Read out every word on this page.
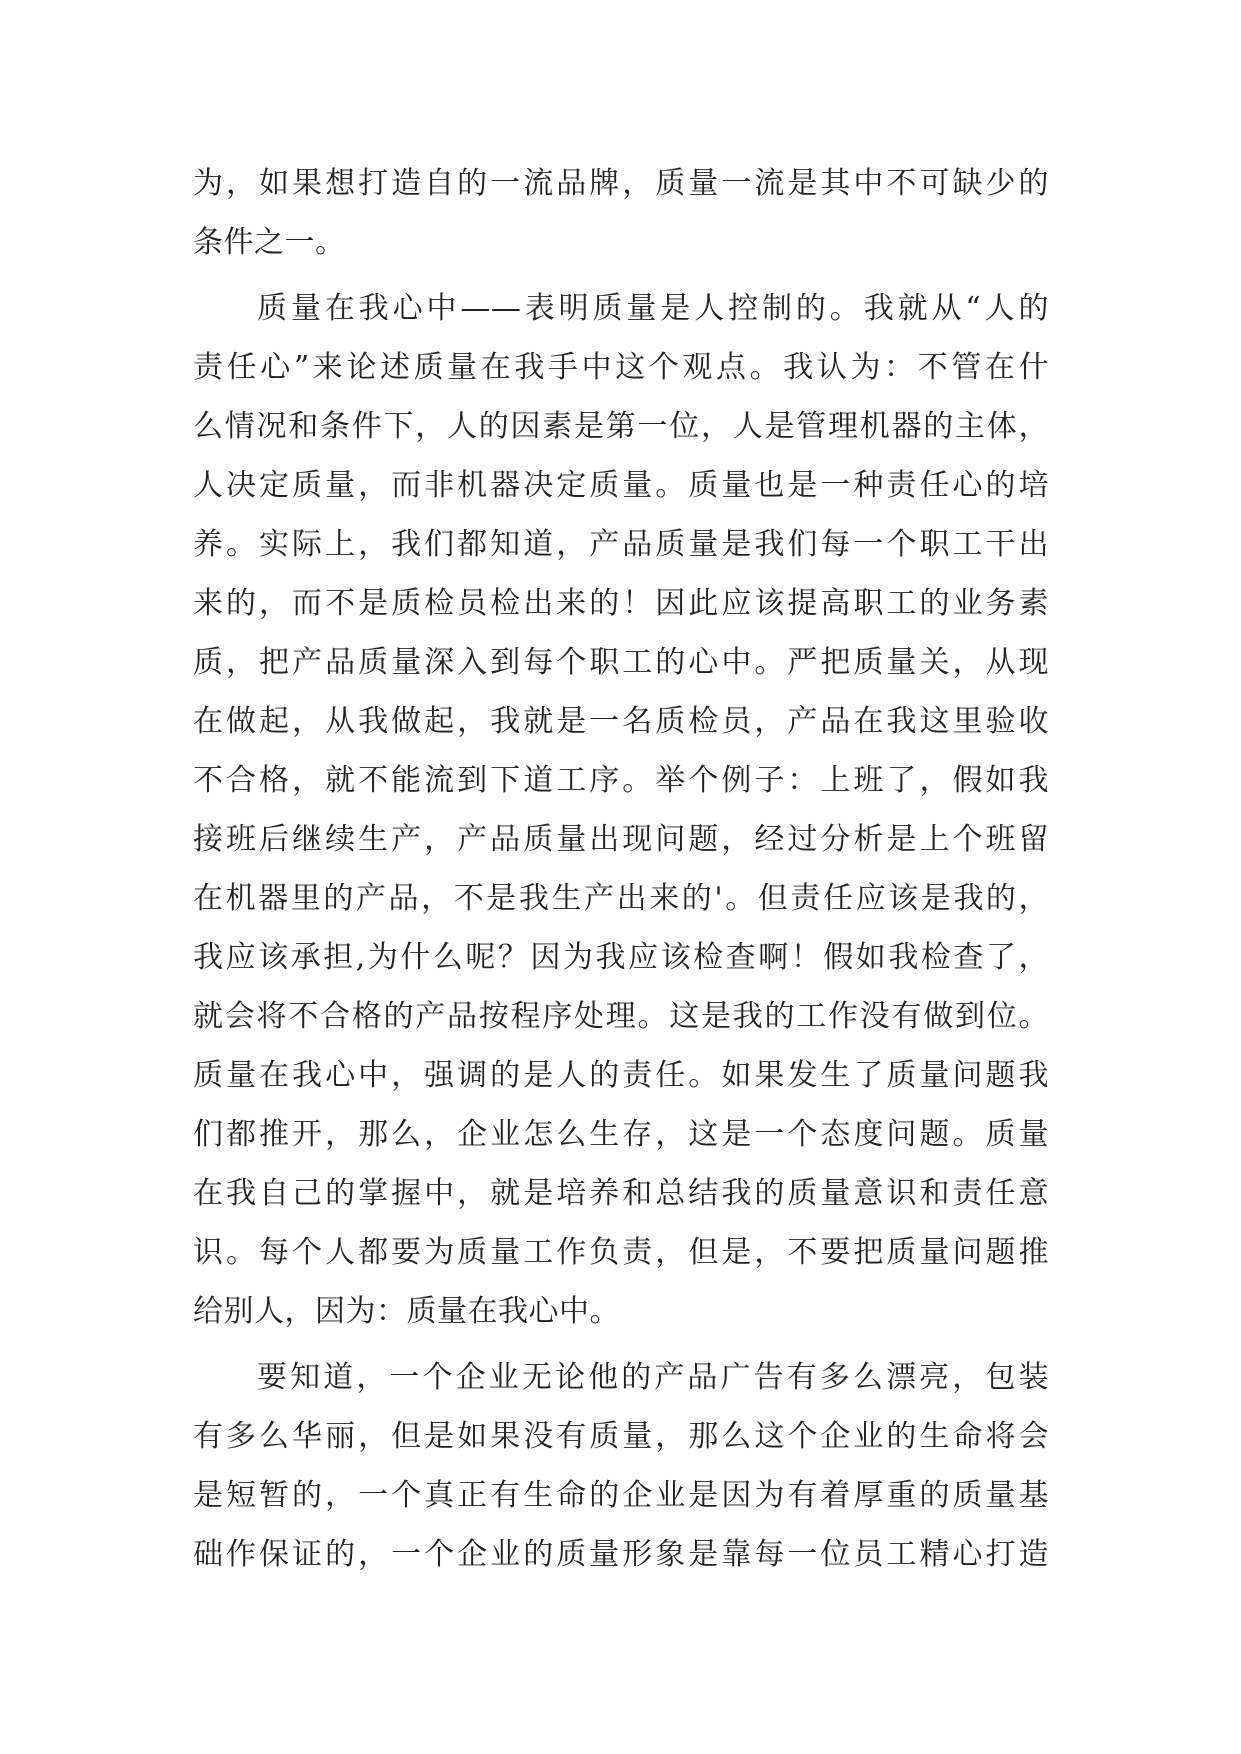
为，如果想打造自的一流品牌，质量一流是其中不可缺少的
条件之一。
质量在我心中——表明质量是人控制的。我就从“人的
责任心”来论述质量在我手中这个观点。我认为：不管在什
么情况和条件下，人的因素是第一位，人是管理机器的主体，
人决定质量，而非机器决定质量。质量也是一种责任心的培
养。实际上，我们都知道，产品质量是我们每一个职工干出
来的，而不是质检员检出来的！因此应该提高职工的业务素
质，把产品质量深入到每个职工的心中。严把质量关，从现
在做起，从我做起，我就是一名质检员，产品在我这里验收
不合格，就不能流到下道工序。举个例子：上班了，假如我
接班后继续生产，产品质量出现问题，经过分析是上个班留
在机器里的产品，不是我生产出来的'。但责任应该是我的，
我应该承担,为什么呢？因为我应该检查啊！假如我检查了，
就会将不合格的产品按程序处理。这是我的工作没有做到位。
质量在我心中，强调的是人的责任。如果发生了质量问题我
们都推开，那么，企业怎么生存，这是一个态度问题。质量
在我自己的掌握中，就是培养和总结我的质量意识和责任意
识。每个人都要为质量工作负责，但是，不要把质量问题推
给别人，因为：质量在我心中。
要知道，一个企业无论他的产品广告有多么漂亮，包装
有多么华丽，但是如果没有质量，那么这个企业的生命将会
是短暂的，一个真正有生命的企业是因为有着厚重的质量基
础作保证的，一个企业的质量形象是靠每一位员工精心打造
